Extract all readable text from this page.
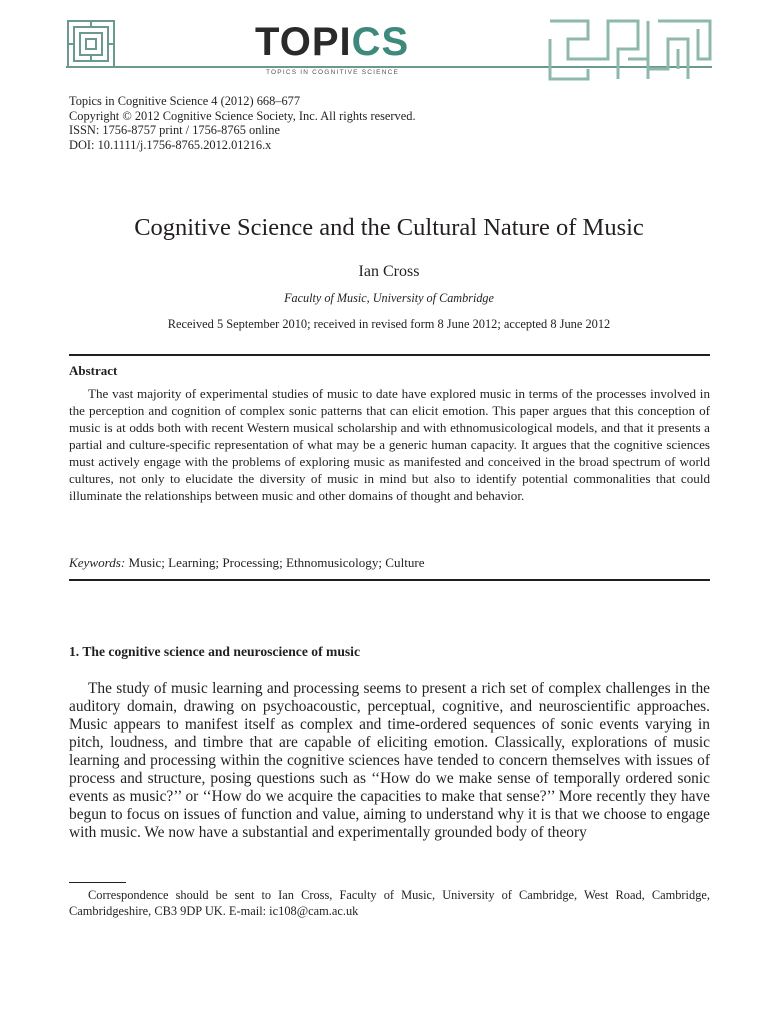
TOPICS
TOPICS IN COGNITIVE SCIENCE
Topics in Cognitive Science 4 (2012) 668–677
Copyright © 2012 Cognitive Science Society, Inc. All rights reserved.
ISSN: 1756-8757 print / 1756-8765 online
DOI: 10.1111/j.1756-8765.2012.01216.x
Cognitive Science and the Cultural Nature of Music
Ian Cross
Faculty of Music, University of Cambridge
Received 5 September 2010; received in revised form 8 June 2012; accepted 8 June 2012
Abstract
The vast majority of experimental studies of music to date have explored music in terms of the processes involved in the perception and cognition of complex sonic patterns that can elicit emotion. This paper argues that this conception of music is at odds both with recent Western musical scholarship and with ethnomusicological models, and that it presents a partial and culture-specific representation of what may be a generic human capacity. It argues that the cognitive sciences must actively engage with the problems of exploring music as manifested and conceived in the broad spectrum of world cultures, not only to elucidate the diversity of music in mind but also to identify potential commonalities that could illuminate the relationships between music and other domains of thought and behavior.
Keywords: Music; Learning; Processing; Ethnomusicology; Culture
1. The cognitive science and neuroscience of music
The study of music learning and processing seems to present a rich set of complex challenges in the auditory domain, drawing on psychoacoustic, perceptual, cognitive, and neuroscientific approaches. Music appears to manifest itself as complex and time-ordered sequences of sonic events varying in pitch, loudness, and timbre that are capable of eliciting emotion. Classically, explorations of music learning and processing within the cognitive sciences have tended to concern themselves with issues of process and structure, posing questions such as ‘‘How do we make sense of temporally ordered sonic events as music?’’ or ‘‘How do we acquire the capacities to make that sense?’’ More recently they have begun to focus on issues of function and value, aiming to understand why it is that we choose to engage with music. We now have a substantial and experimentally grounded body of theory
Correspondence should be sent to Ian Cross, Faculty of Music, University of Cambridge, West Road, Cambridge, Cambridgeshire, CB3 9DP UK. E-mail: ic108@cam.ac.uk
